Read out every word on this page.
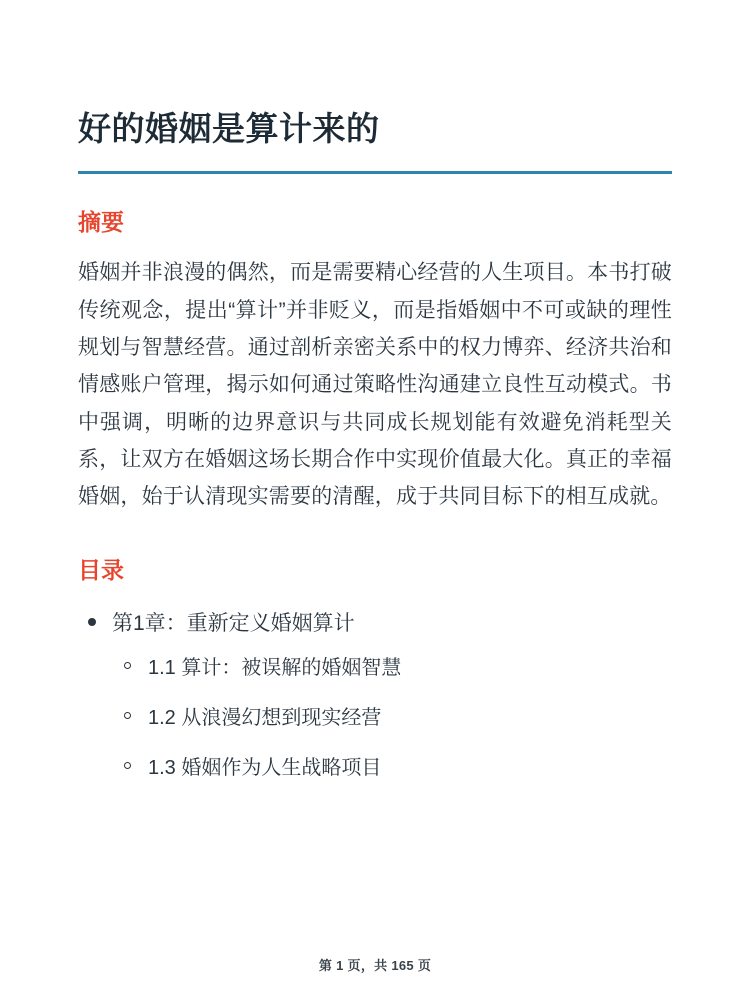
好的婚姻是算计来的
摘要

婚姻并非浪漫的偶然，而是需要精心经营的人生项目。本书打破传统观念，提出“算计”并非贬义，而是指婚姻中不可或缺的理性规划与智慧经营。通过剖析亲密关系中的权力博弈、经济共治和情感账户管理，揭示如何通过策略性沟通建立良性互动模式。书中强调，明晰的边界意识与共同成长规划能有效避免消耗型关系，让双方在婚姻这场长期合作中实现价值最大化。真正的幸福婚姻，始于认清现实需要的清醒，成于共同目标下的相互成就。

目录
第1章：重新定义婚姻算计
1.1 算计：被误解的婚姻智慧
1.2 从浪漫幻想到现实经营
1.3 婚姻作为人生战略项目
第 1 页，共 165 页
